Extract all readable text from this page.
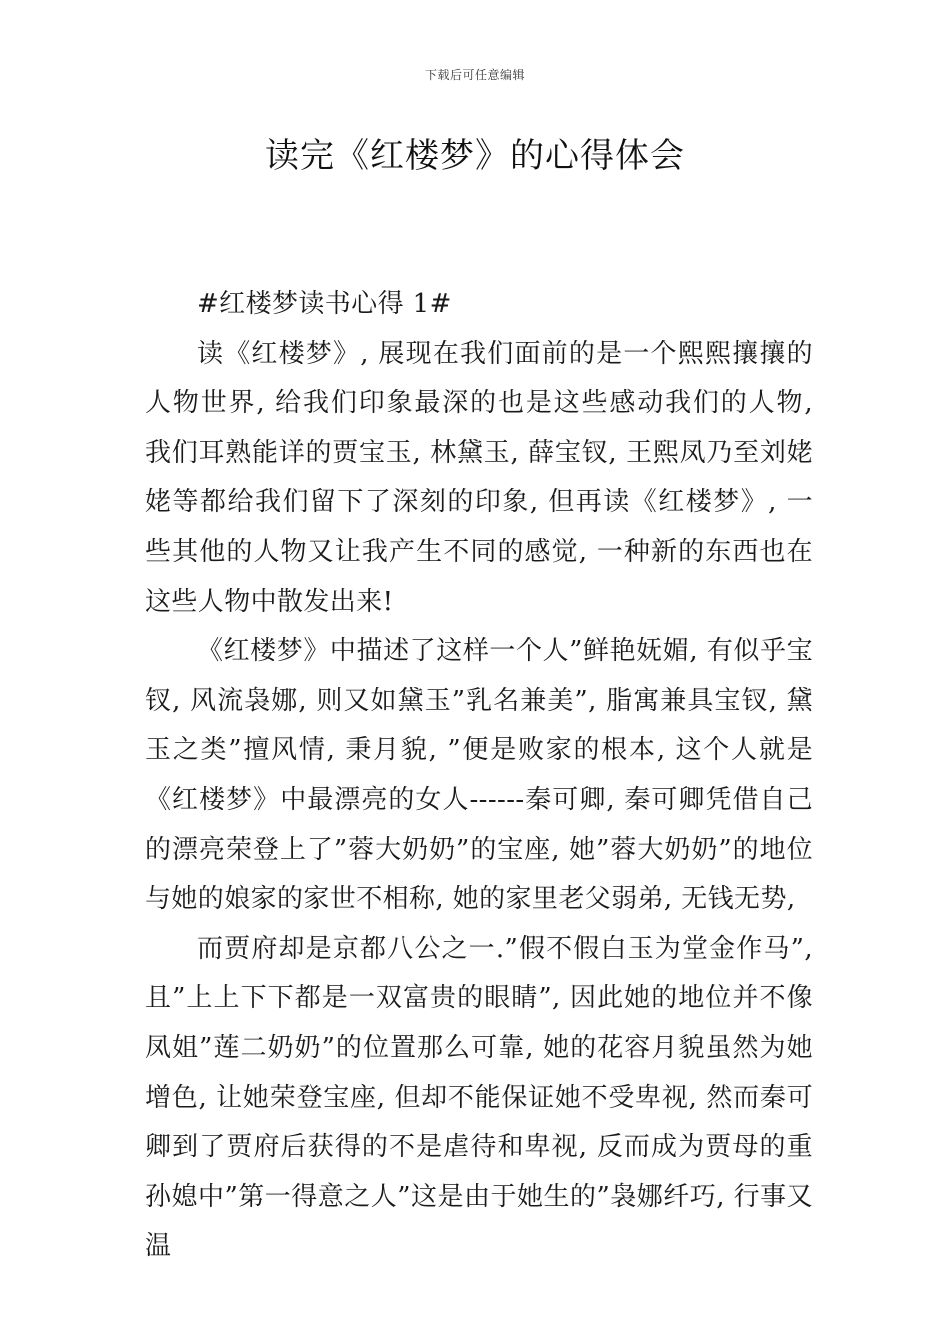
下载后可任意编辑
读完《红楼梦》的心得体会

#红楼梦读书心得 1#

读《红楼梦》, 展现在我们面前的是一个熙熙攘攘的人物世界, 给我们印象最深的也是这些感动我们的人物, 我们耳熟能详的贾宝玉, 林黛玉, 薛宝钗, 王熙凤乃至刘姥姥等都给我们留下了深刻的印象, 但再读《红楼梦》, 一些其他的人物又让我产生不同的感觉, 一种新的东西也在这些人物中散发出来!

《红楼梦》中描述了这样一个人”鲜艳妩媚, 有似乎宝钗, 风流袅娜, 则又如黛玉”乳名兼美”, 脂寓兼具宝钗, 黛玉之类”擅风情, 秉月貌, ”便是败家的根本, 这个人就是《红楼梦》中最漂亮的女人------秦可卿, 秦可卿凭借自己的漂亮荣登上了”蓉大奶奶”的宝座, 她”蓉大奶奶”的地位与她的娘家的家世不相称, 她的家里老父弱弟, 无钱无势,

而贾府却是京都八公之一.”假不假白玉为堂金作马”, 且”上上下下都是一双富贵的眼睛”, 因此她的地位并不像凤姐”莲二奶奶”的位置那么可靠, 她的花容月貌虽然为她增色, 让她荣登宝座, 但却不能保证她不受卑视, 然而秦可卿到了贾府后获得的不是虐待和卑视, 反而成为贾母的重孙媳中”第一得意之人”这是由于她生的”袅娜纤巧, 行事又温
